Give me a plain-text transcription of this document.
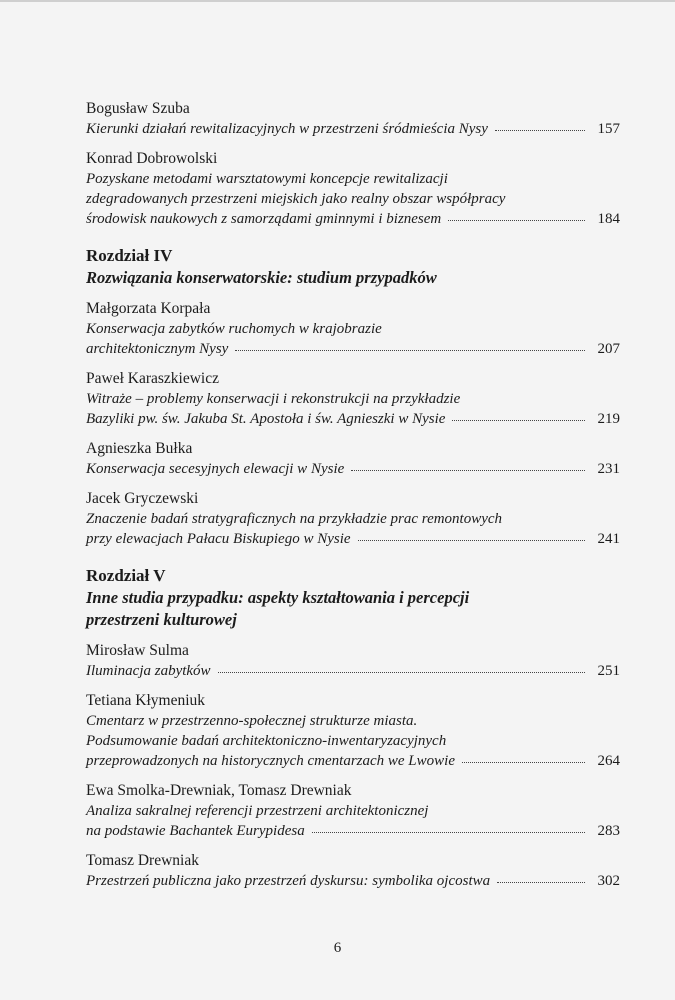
Bogusław Szuba
Kierunki działań rewitalizacyjnych w przestrzeni śródmieścia Nysy	157
Konrad Dobrowolski
Pozyskane metodami warsztatowymi koncepcje rewitalizacji
zdegradowanych przestrzeni miejskich jako realny obszar współpracy
środowisk naukowych z samorządami gminnymi i biznesem	184
Rozdział IV
Rozwiązania konserwatorskie: studium przypadków
Małgorzata Korpała
Konserwacja zabytków ruchomych w krajobrazie
architektonicznym Nysy	207
Paweł Karaszkiewicz
Witraże – problemy konserwacji i rekonstrukcji na przykładzie
Bazyliki pw. św. Jakuba St. Apostoła i św. Agnieszki w Nysie	219
Agnieszka Bułka
Konserwacja secesyjnych elewacji w Nysie	231
Jacek Gryczewski
Znaczenie badań stratygraficznych na przykładzie prac remontowych
przy elewacjach Pałacu Biskupiego w Nysie	241
Rozdział V
Inne studia przypadku: aspekty kształtowania i percepcji
przestrzeni kulturowej
Mirosław Sulma
Iluminacja zabytków	251
Tetiana Kłymeniuk
Cmentarz w przestrzenno-społecznej strukturze miasta.
Podsumowanie badań architektoniczno-inwentaryzacyjnych
przeprowadzonych na historycznych cmentarzach we Lwowie	264
Ewa Smolka-Drewniak, Tomasz Drewniak
Analiza sakralnej referencji przestrzeni architektonicznej
na podstawie Bachantek Eurypidesa	283
Tomasz Drewniak
Przestrzeń publiczna jako przestrzeń dyskursu: symbolika ojcostwa	302
6
